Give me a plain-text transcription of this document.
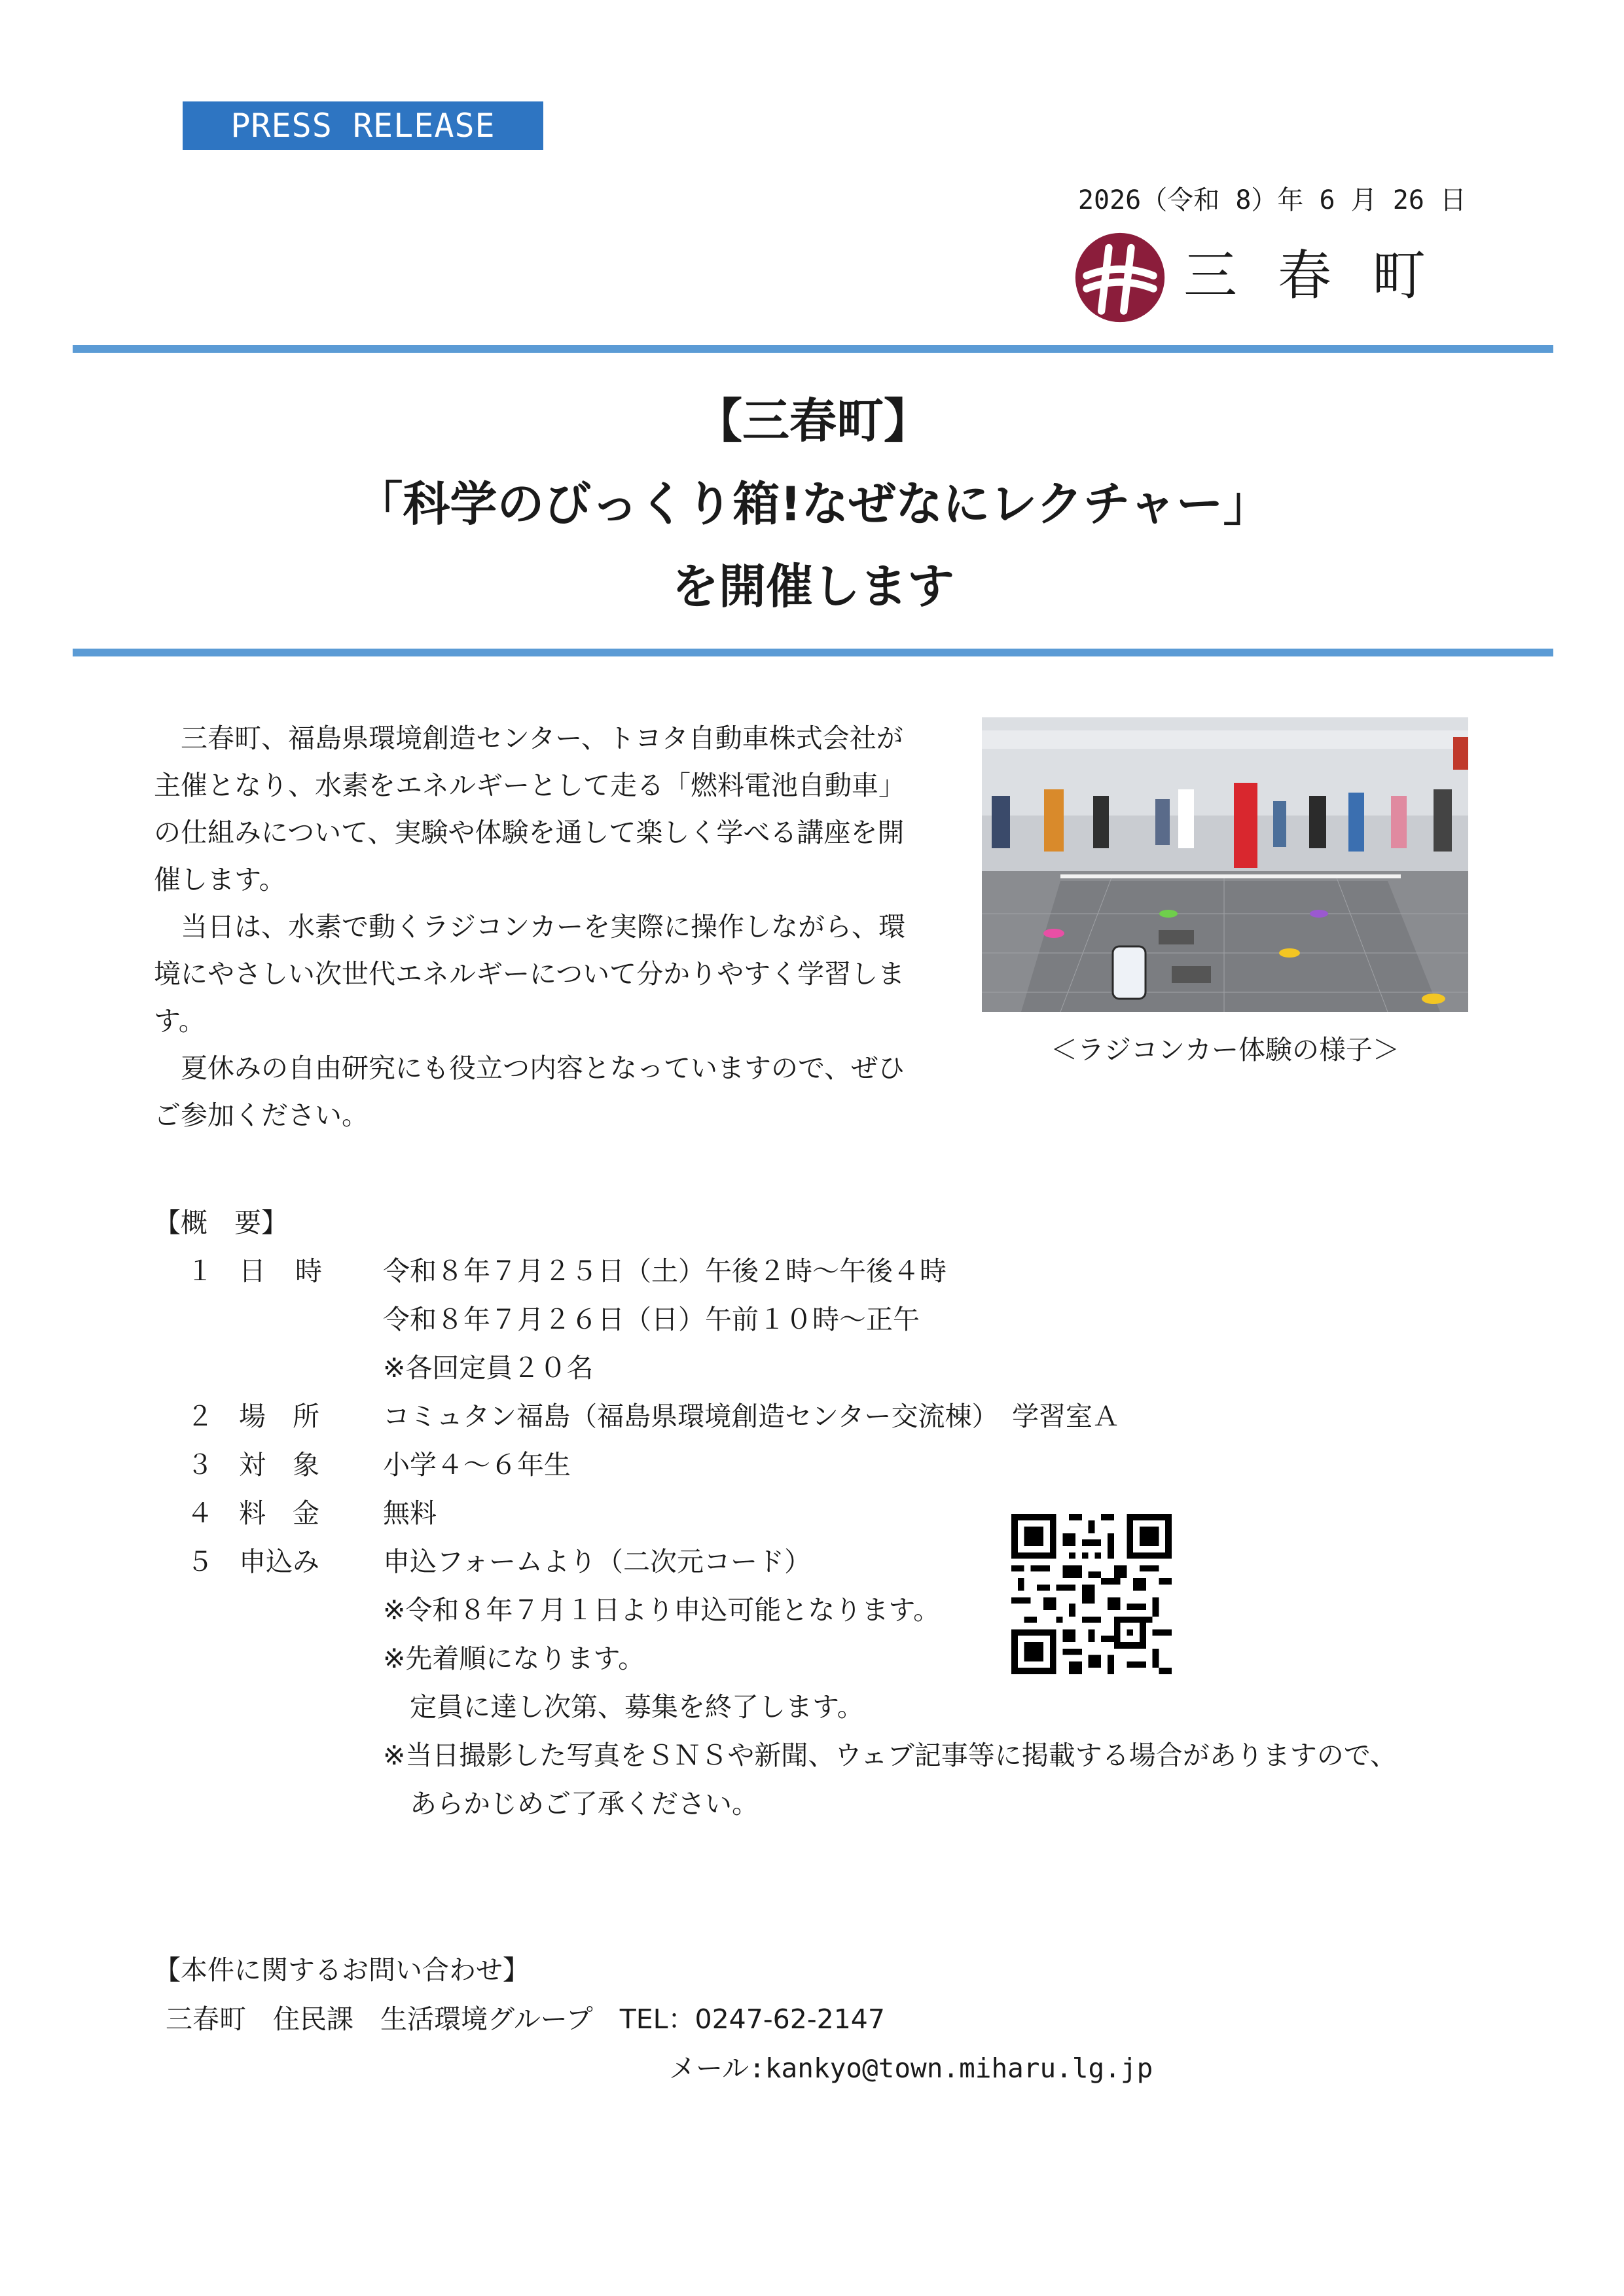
PRESS RELEASE
2026（令和 8）年 6 月 26 日
三春町
【三春町】
「科学のびっくり箱!なぜなにレクチャー」
を開催します

三春町、福島県環境創造センター、トヨタ自動車株式会社が主催となり、水素をエネルギーとして走る「燃料電池自動車」の仕組みについて、実験や体験を通して楽しく学べる講座を開催します。

当日は、水素で動くラジコンカーを実際に操作しながら、環境にやさしい次世代エネルギーについて分かりやすく学習します。

夏休みの自由研究にも役立つ内容となっていますので、ぜひご参加ください。

＜ラジコンカー体験の様子＞
【概　要】
１ 日　時	令和８年７月２５日（土）午後２時～午後４時
令和８年７月２６日（日）午前１０時～正午
※各回定員２０名
２ 場　所	コミュタン福島（福島県環境創造センター交流棟）　学習室Ａ
３ 対　象	小学４～６年生
４ 料　金	無料
５ 申込み	申込フォームより（二次元コード）
※令和８年７月１日より申込可能となります。
※先着順になります。
　定員に達し次第、募集を終了します。
※当日撮影した写真をＳＮＳや新聞、ウェブ記事等に掲載する場合がありますので、
　あらかじめご了承ください。
【本件に関するお問い合わせ】
三春町　住民課　生活環境グループ　TEL：0247-62-2147
メール:kankyo@town.miharu.lg.jp
